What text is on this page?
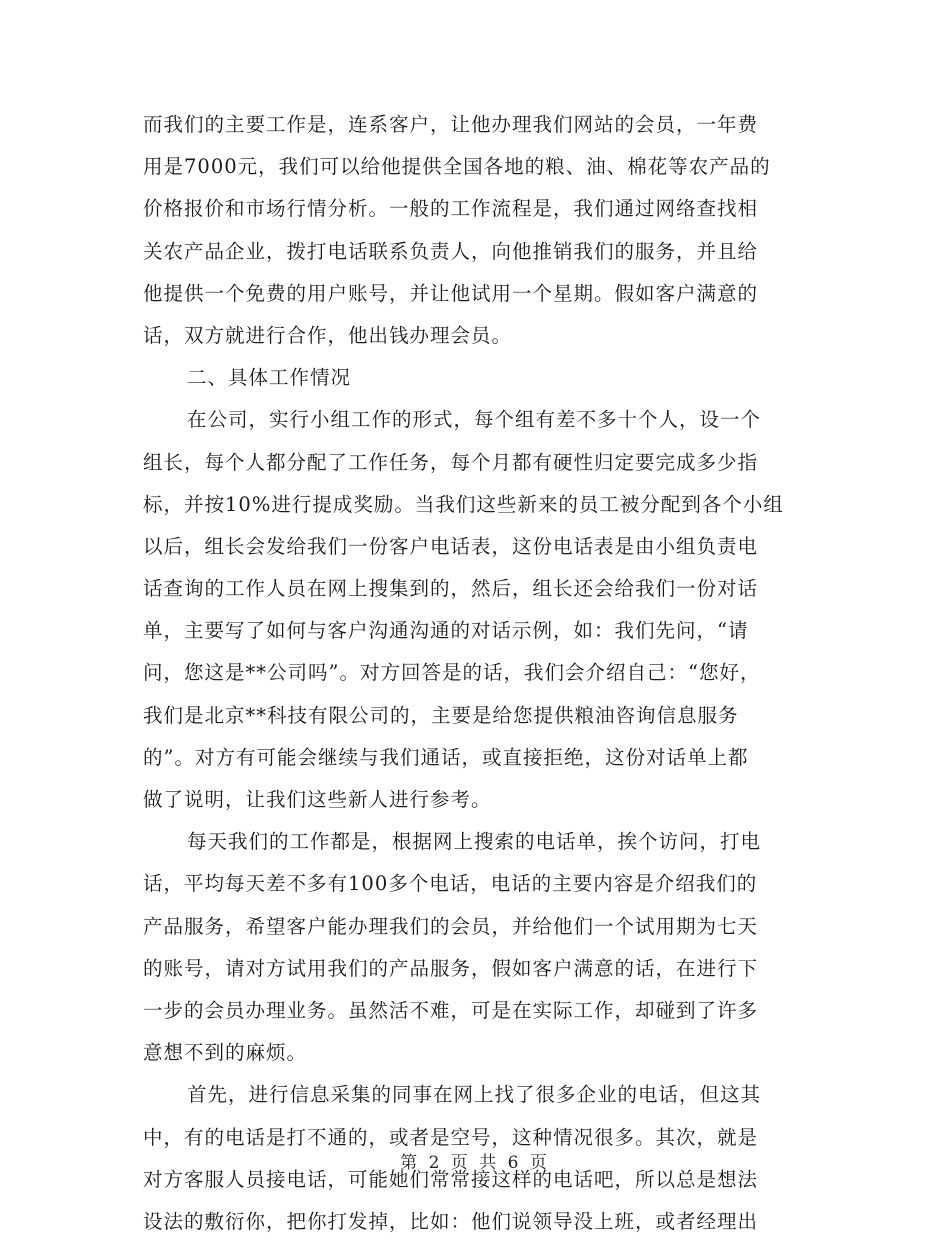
而我们的主要工作是，连系客户，让他办理我们网站的会员，一年费
用是7000元，我们可以给他提供全国各地的粮、油、棉花等农产品的
价格报价和市场行情分析。一般的工作流程是，我们通过网络查找相
关农产品企业，拨打电话联系负责人，向他推销我们的服务，并且给
他提供一个免费的用户账号，并让他试用一个星期。假如客户满意的
话，双方就进行合作，他出钱办理会员。
二、具体工作情况
在公司，实行小组工作的形式，每个组有差不多十个人，设一个
组长，每个人都分配了工作任务，每个月都有硬性归定要完成多少指
标，并按10%进行提成奖励。当我们这些新来的员工被分配到各个小组
以后，组长会发给我们一份客户电话表，这份电话表是由小组负责电
话查询的工作人员在网上搜集到的，然后，组长还会给我们一份对话
单，主要写了如何与客户沟通沟通的对话示例，如：我们先问，“请
问，您这是**公司吗”。对方回答是的话，我们会介绍自己：“您好，
我们是北京**科技有限公司的，主要是给您提供粮油咨询信息服务
的”。对方有可能会继续与我们通话，或直接拒绝，这份对话单上都
做了说明，让我们这些新人进行参考。
每天我们的工作都是，根据网上搜索的电话单，挨个访问，打电
话，平均每天差不多有100多个电话，电话的主要内容是介绍我们的
产品服务，希望客户能办理我们的会员，并给他们一个试用期为七天
的账号，请对方试用我们的产品服务，假如客户满意的话，在进行下
一步的会员办理业务。虽然活不难，可是在实际工作，却碰到了许多
意想不到的麻烦。
首先，进行信息采集的同事在网上找了很多企业的电话，但这其
中，有的电话是打不通的，或者是空号，这种情况很多。其次，就是
对方客服人员接电话，可能她们常常接这样的电话吧，所以总是想法
设法的敷衍你，把你打发掉，比如：他们说领导没上班，或者经理出
第 2 页 共 6 页
